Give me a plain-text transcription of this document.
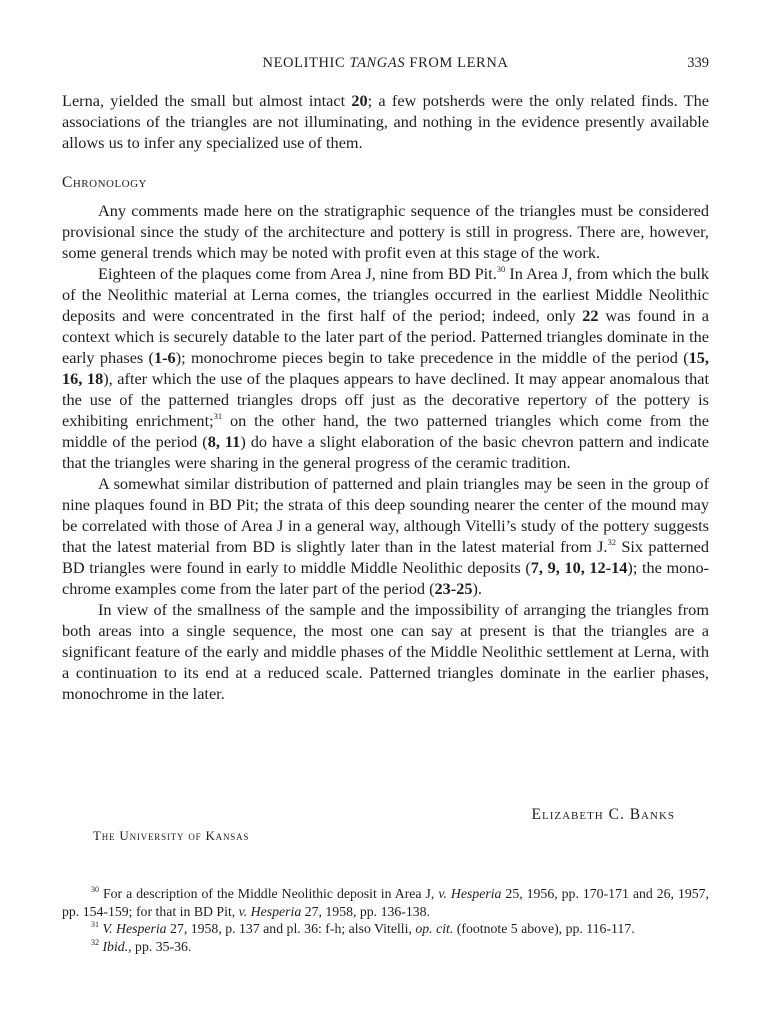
NEOLITHIC TANGAS FROM LERNA	339

Lerna, yielded the small but almost intact 20; a few potsherds were the only related finds. The associations of the triangles are not illuminating, and nothing in the evidence presently available allows us to infer any specialized use of them.

Chronology

Any comments made here on the stratigraphic sequence of the triangles must be considered provisional since the study of the architecture and pottery is still in progress. There are, however, some general trends which may be noted with profit even at this stage of the work.

Eighteen of the plaques come from Area J, nine from BD Pit.$^{30}$ In Area J, from which the bulk of the Neolithic material at Lerna comes, the triangles occurred in the earliest Middle Neolithic deposits and were concentrated in the first half of the period; indeed, only 22 was found in a context which is securely datable to the later part of the period. Patterned triangles dominate in the early phases (1-6); monochrome pieces begin to take precedence in the middle of the period (15, 16, 18), after which the use of the plaques appears to have declined. It may appear anomalous that the use of the patterned triangles drops off just as the decorative repertory of the pottery is exhibiting enrichment;$^{31}$ on the other hand, the two patterned triangles which come from the middle of the period (8, 11) do have a slight elaboration of the basic chevron pattern and indicate that the triangles were sharing in the general progress of the ceramic tradition.

A somewhat similar distribution of patterned and plain triangles may be seen in the group of nine plaques found in BD Pit; the strata of this deep sounding nearer the center of the mound may be correlated with those of Area J in a general way, although Vitelli’s study of the pottery suggests that the latest material from BD is slightly later than in the latest material from J.$^{32}$ Six patterned BD triangles were found in early to middle Middle Neolithic deposits (7, 9, 10, 12-14); the monochrome examples come from the later part of the period (23-25).

In view of the smallness of the sample and the impossibility of arranging the triangles from both areas into a single sequence, the most one can say at present is that the triangles are a significant feature of the early and middle phases of the Middle Neolithic settlement at Lerna, with a continuation to its end at a reduced scale. Patterned triangles dominate in the earlier phases, monochrome in the later.

Elizabeth C. Banks
The University of Kansas

$^{30}$ For a description of the Middle Neolithic deposit in Area J, v. Hesperia 25, 1956, pp. 170-171 and 26, 1957, pp. 154-159; for that in BD Pit, v. Hesperia 27, 1958, pp. 136-138.

$^{31}$ V. Hesperia 27, 1958, p. 137 and pl. 36: f-h; also Vitelli, op. cit. (footnote 5 above), pp. 116-117.

$^{32}$ Ibid., pp. 35-36.
